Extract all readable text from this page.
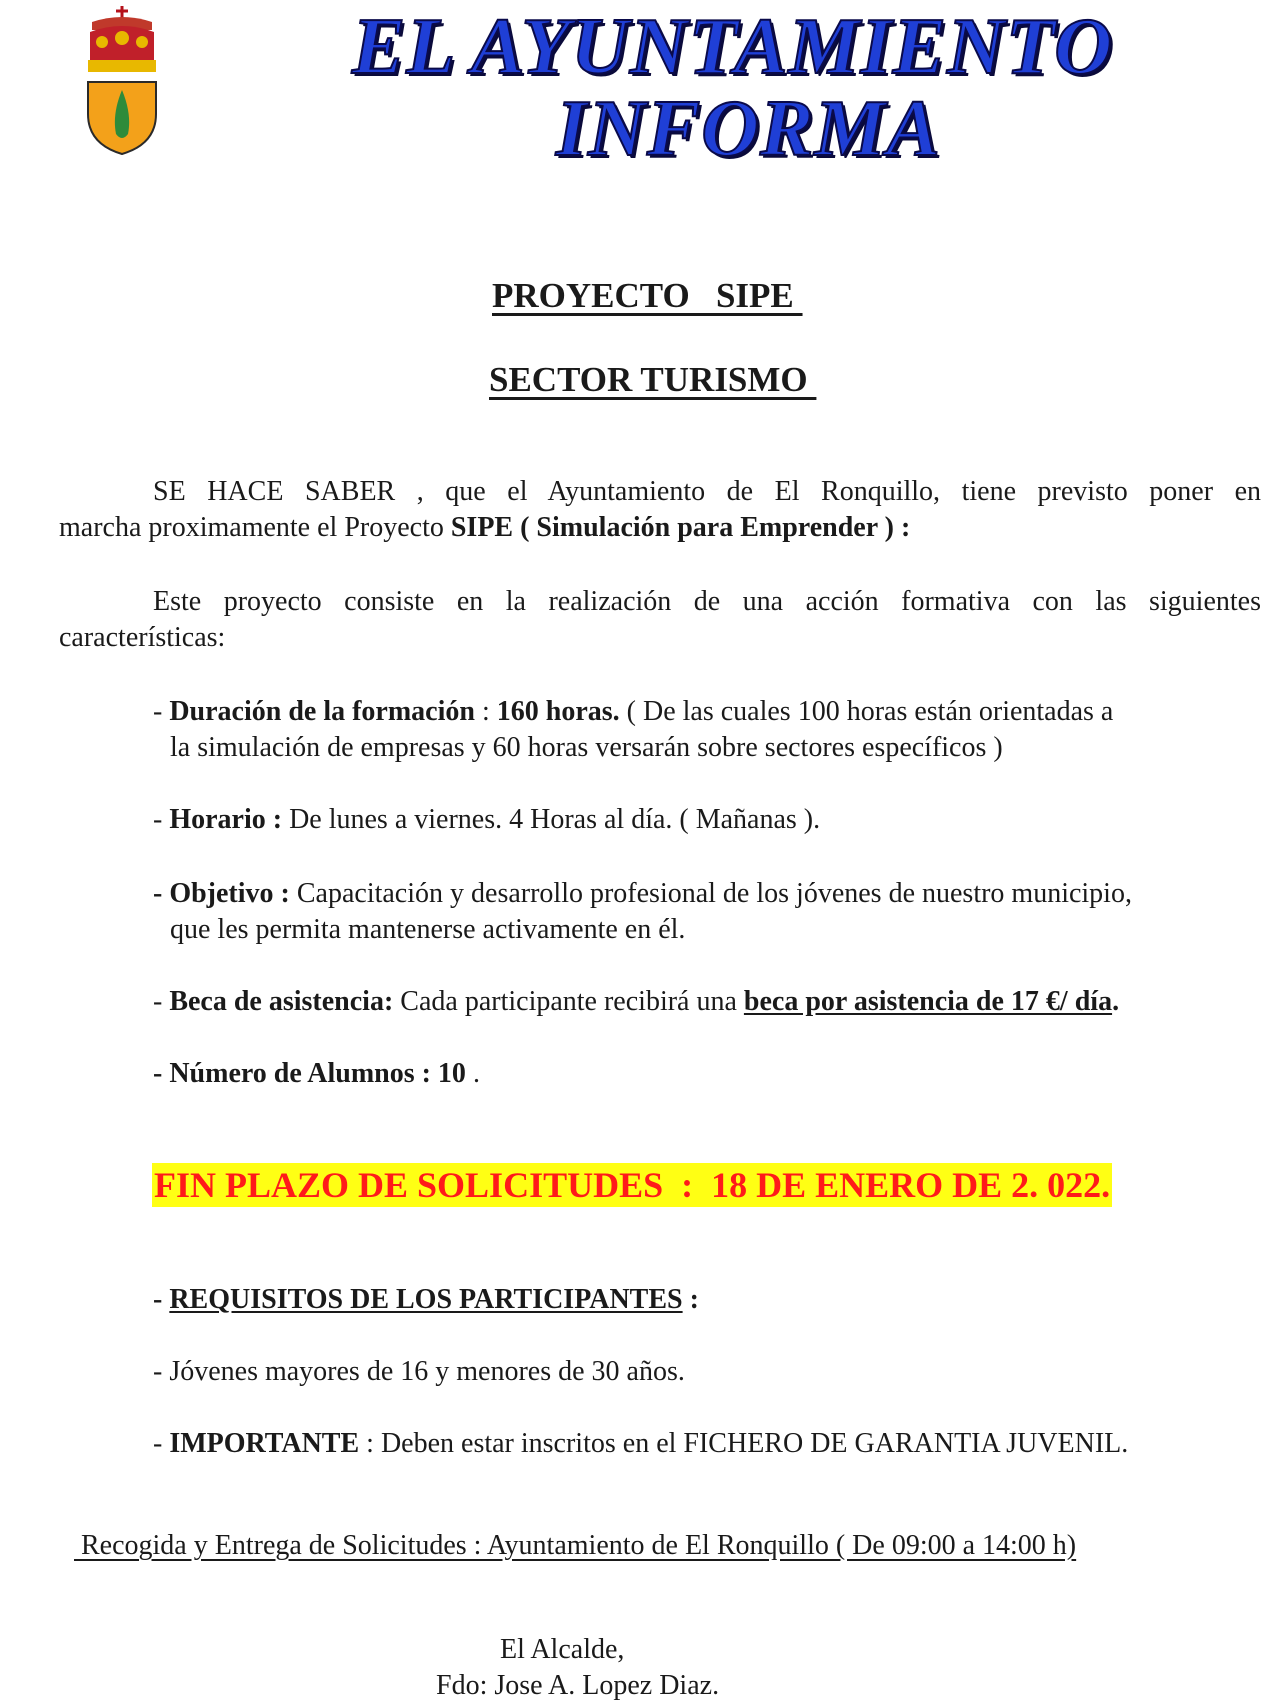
EL AYUNTAMIENTO
INFORMA
PROYECTO   SIPE
SECTOR TURISMO
SE HACE SABER , que el Ayuntamiento de El Ronquillo, tiene previsto poner en
marcha proximamente el Proyecto SIPE ( Simulación para Emprender ) :
Este proyecto consiste en la realización de una acción formativa con las siguientes
características:
- Duración de la formación : 160 horas. ( De las cuales 100 horas están orientadas a
la simulación de empresas y 60 horas versarán sobre sectores específicos )
- Horario : De lunes a viernes. 4 Horas al día. ( Mañanas ).
- Objetivo : Capacitación y desarrollo profesional de los jóvenes de nuestro municipio,
que les permita mantenerse activamente en él.
- Beca de asistencia: Cada participante recibirá una beca por asistencia de 17 €/ día.
- Número de Alumnos : 10 .
FIN PLAZO DE SOLICITUDES  :  18 DE ENERO DE 2. 022.
- REQUISITOS DE LOS PARTICIPANTES :
- Jóvenes mayores de 16 y menores de 30 años.
- IMPORTANTE : Deben estar inscritos en el FICHERO DE GARANTIA JUVENIL.
Recogida y Entrega de Solicitudes : Ayuntamiento de El Ronquillo ( De 09:00 a 14:00 h)
El Alcalde,
Fdo: Jose A. Lopez Diaz.
